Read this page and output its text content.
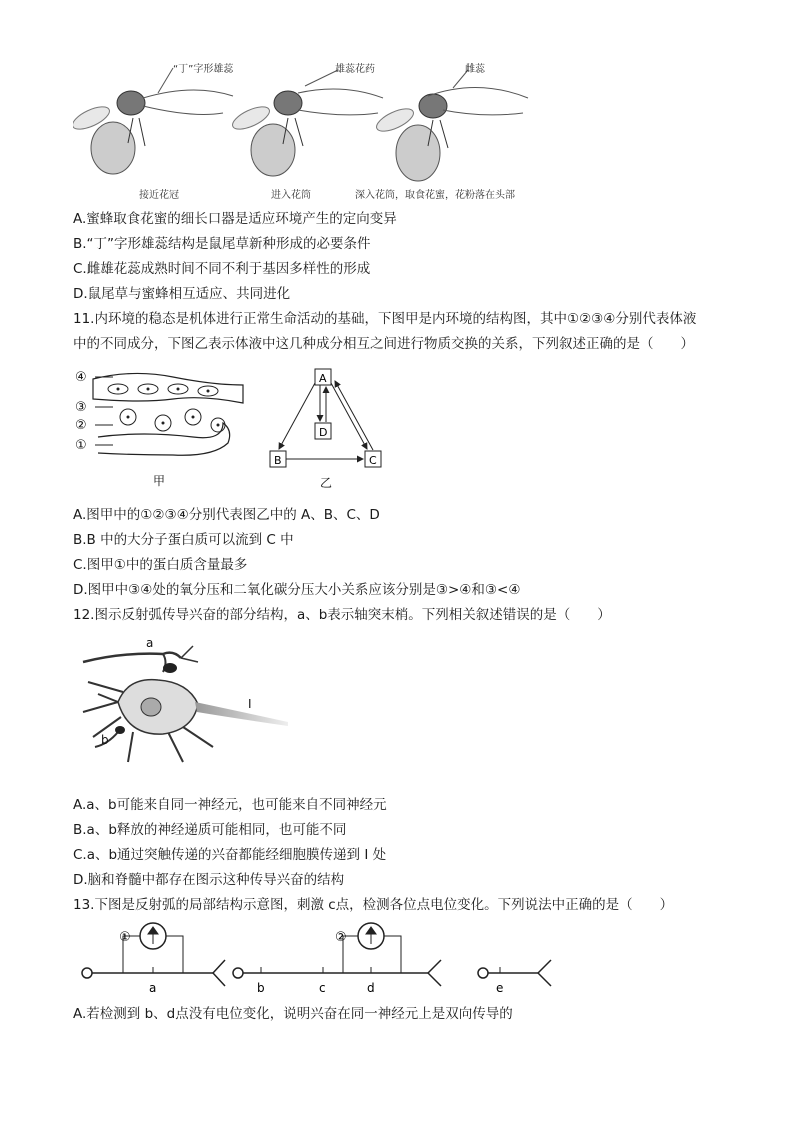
“丁”字形雄蕊	雄蕊花药	雌蕊
接近花冠	进入花筒	深入花筒，取食花蜜，花粉落在头部
A.蜜蜂取食花蜜的细长口器是适应环境产生的定向变异
B.“丁”字形雄蕊结构是鼠尾草新种形成的必要条件
C.雌雄花蕊成熟时间不同不利于基因多样性的形成
D.鼠尾草与蜜蜂相互适应、共同进化
11.内环境的稳态是机体进行正常生命活动的基础，下图甲是内环境的结构图，其中①②③④分别代表体液
中的不同成分，下图乙表示体液中这几种成分相互之间进行物质交换的关系，下列叙述正确的是（　　）
④
③
②
①
甲
A
D
B	C
乙
A.图甲中的①②③④分别代表图乙中的 A、B、C、D
B.B 中的大分子蛋白质可以流到 C 中
C.图甲①中的蛋白质含量最多
D.图甲中③④处的氧分压和二氧化碳分压大小关系应该分别是③>④和③<④
12.图示反射弧传导兴奋的部分结构，a、b表示轴突末梢。下列相关叙述错误的是（　　）
a
b
I
A.a、b可能来自同一神经元，也可能来自不同神经元
B.a、b释放的神经递质可能相同，也可能不同
C.a、b通过突触传递的兴奋都能经细胞膜传递到 I 处
D.脑和脊髓中都存在图示这种传导兴奋的结构
13.下图是反射弧的局部结构示意图，刺激 c点，检测各位点电位变化。下列说法中正确的是（　　）
①
a
②
b	c	d	e
A.若检测到 b、d点没有电位变化，说明兴奋在同一神经元上是双向传导的
